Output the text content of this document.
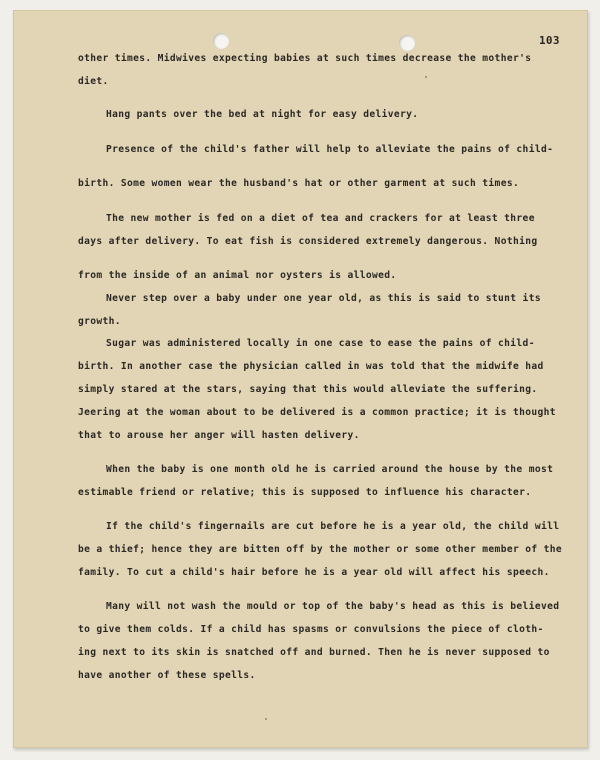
103
other times. Midwives expecting babies at such times decrease the mother's
diet.
Hang pants over the bed at night for easy delivery.
Presence of the child's father will help to alleviate the pains of child-
birth. Some women wear the husband's hat or other garment at such times.
The new mother is fed on a diet of tea and crackers for at least three
days after delivery. To eat fish is considered extremely dangerous. Nothing
from the inside of an animal nor oysters is allowed.
Never step over a baby under one year old, as this is said to stunt its
growth.
Sugar was administered locally in one case to ease the pains of child-
birth. In another case the physician called in was told that the midwife had
simply stared at the stars, saying that this would alleviate the suffering.
Jeering at the woman about to be delivered is a common practice; it is thought
that to arouse her anger will hasten delivery.
When the baby is one month old he is carried around the house by the most
estimable friend or relative; this is supposed to influence his character.
If the child's fingernails are cut before he is a year old, the child will
be a thief; hence they are bitten off by the mother or some other member of the
family. To cut a child's hair before he is a year old will affect his speech.
Many will not wash the mould or top of the baby's head as this is believed
to give them colds. If a child has spasms or convulsions the piece of cloth-
ing next to its skin is snatched off and burned. Then he is never supposed to
have another of these spells.
